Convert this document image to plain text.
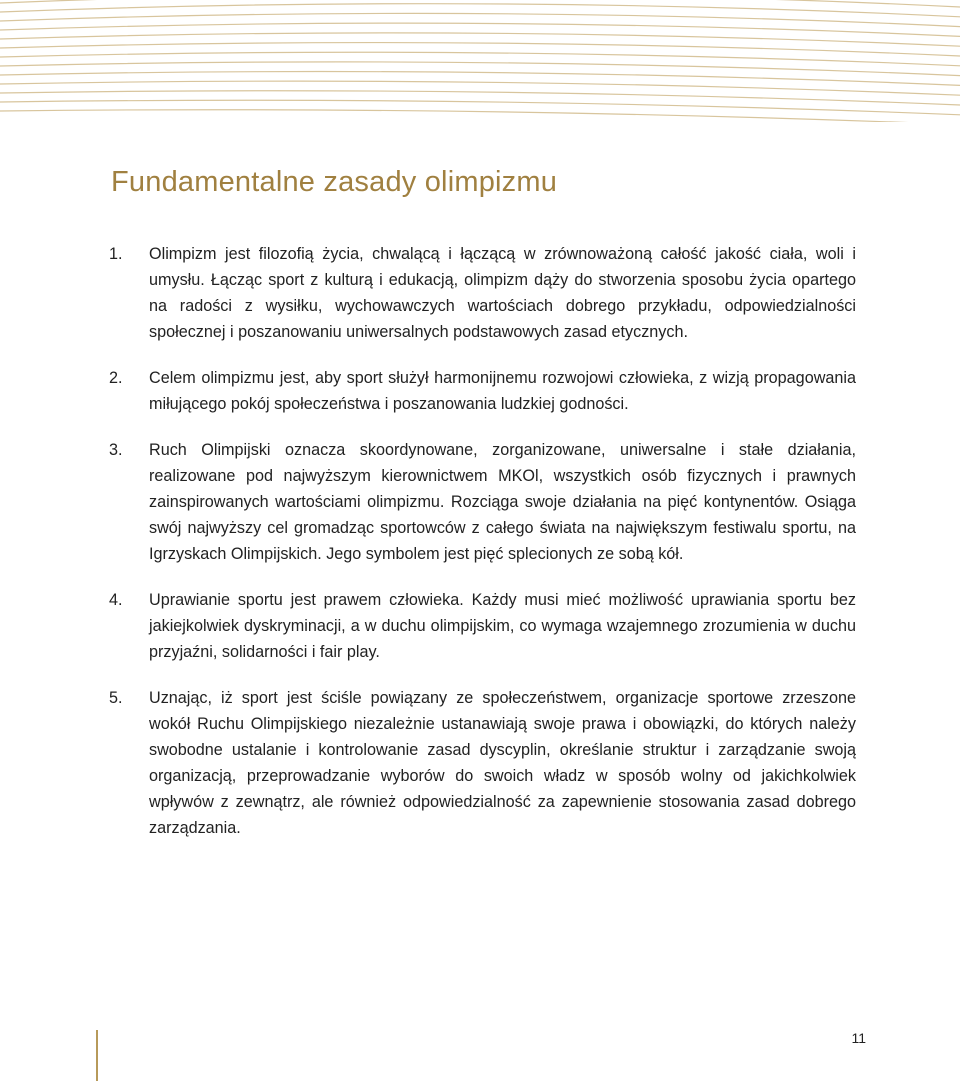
Fundamentalne zasady olimpizmu
1.	Olimpizm jest filozofią życia, chwalącą i łączącą w zrównoważoną całość jakość ciała, woli i umysłu. Łącząc sport z kulturą i edukacją, olimpizm dąży do stworzenia sposobu życia opartego na radości z wysiłku, wychowawczych wartościach dobrego przykładu, odpowiedzialności społecznej i poszanowaniu uniwersalnych podstawowych zasad etycznych.
2.	Celem olimpizmu jest, aby sport służył harmonijnemu rozwojowi człowieka, z wizją propagowania miłującego pokój społeczeństwa i poszanowania ludzkiej godności.
3.	Ruch Olimpijski oznacza skoordynowane, zorganizowane, uniwersalne i stałe działania, realizowane pod najwyższym kierownictwem MKOl, wszystkich osób fizycznych i prawnych zainspirowanych wartościami olimpizmu. Rozciąga swoje działania na pięć kontynentów. Osiąga swój najwyższy cel gromadząc sportowców z całego świata na największym festiwalu sportu, na Igrzyskach Olimpijskich. Jego symbolem jest pięć splecionych ze sobą kół.
4.	Uprawianie sportu jest prawem człowieka. Każdy musi mieć możliwość uprawiania sportu bez jakiejkolwiek dyskryminacji, a w duchu olimpijskim, co wymaga wzajemnego zrozumienia w duchu przyjaźni, solidarności i fair play.
5.	Uznając, iż sport jest ściśle powiązany ze społeczeństwem, organizacje sportowe zrzeszone wokół Ruchu Olimpijskiego niezależnie ustanawiają swoje prawa i obowiązki, do których należy swobodne ustalanie i kontrolowanie zasad dyscyplin, określanie struktur i zarządzanie swoją organizacją, przeprowadzanie wyborów do swoich władz w sposób wolny od jakichkolwiek wpływów z zewnątrz, ale również odpowiedzialność za zapewnienie stosowania zasad dobrego zarządzania.
11
